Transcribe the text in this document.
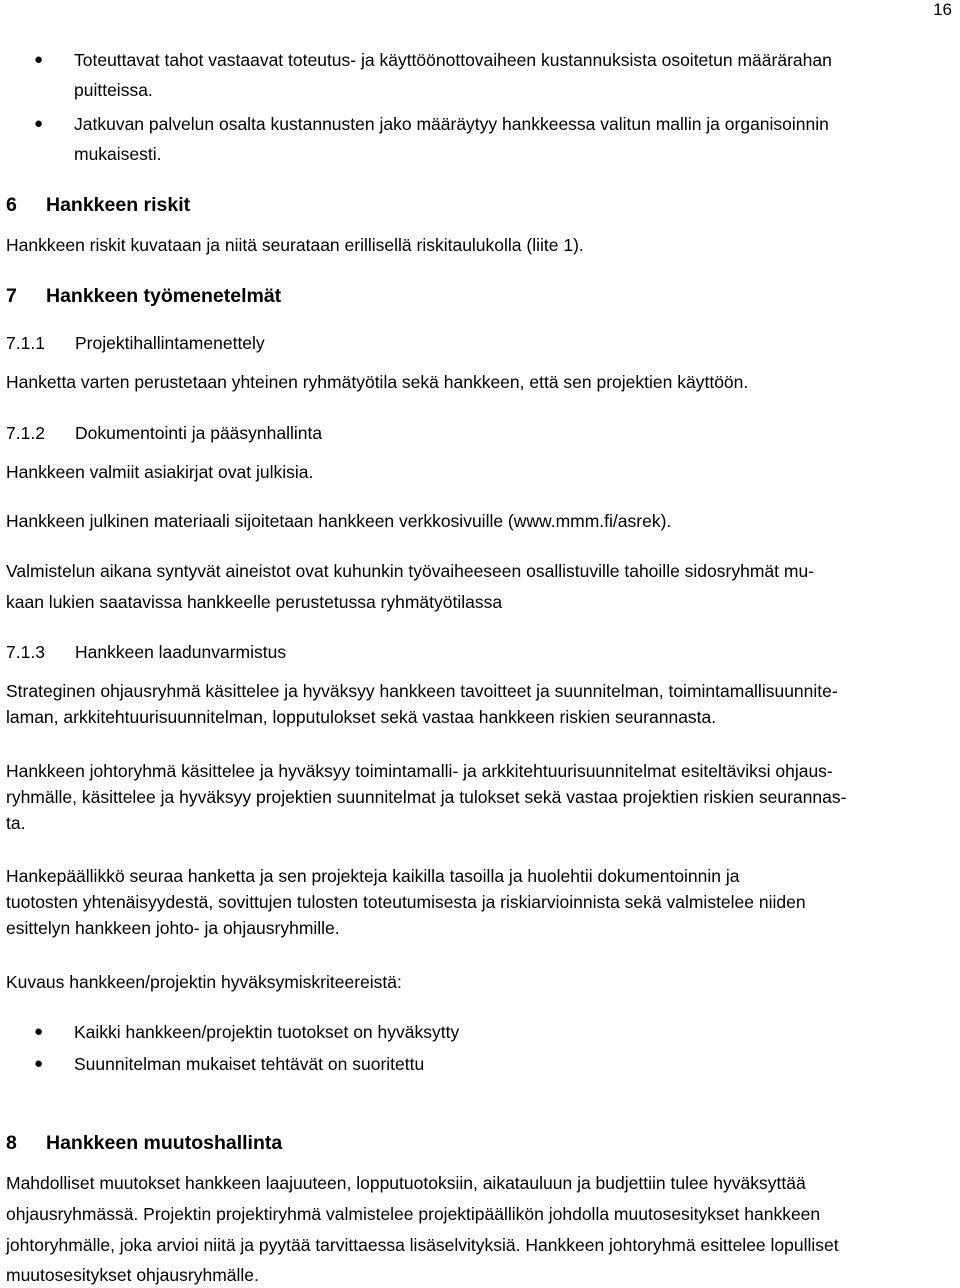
16
● Toteuttavat tahot vastaavat toteutus- ja käyttöönottovaiheen kustannuksista osoitetun määrärahan
puitteissa.
● Jatkuvan palvelun osalta kustannusten jako määräytyy hankkeessa valitun mallin ja organisoinnin
mukaisesti.
6 Hankkeen riskit
Hankkeen riskit kuvataan ja niitä seurataan erillisellä riskitaulukolla (liite 1).
7 Hankkeen työmenetelmät
7.1.1 Projektihallintamenettely
Hanketta varten perustetaan yhteinen ryhmätyötila sekä hankkeen, että sen projektien käyttöön.
7.1.2 Dokumentointi ja pääsynhallinta
Hankkeen valmiit asiakirjat ovat julkisia.
Hankkeen julkinen materiaali sijoitetaan hankkeen verkkosivuille (www.mmm.fi/asrek).
Valmistelun aikana syntyvät aineistot ovat kuhunkin työvaiheeseen osallistuville tahoille sidosryhmät mu-
kaan lukien saatavissa hankkeelle perustetussa ryhmätyötilassa
7.1.3 Hankkeen laadunvarmistus
Strateginen ohjausryhmä käsittelee ja hyväksyy hankkeen tavoitteet ja suunnitelman, toimintamallisuunnite-
laman, arkkitehtuurisuunnitelman, lopputulokset sekä vastaa hankkeen riskien seurannasta.
Hankkeen johtoryhmä käsittelee ja hyväksyy toimintamalli- ja arkkitehtuurisuunnitelmat esiteltäviksi ohjaus-
ryhmälle, käsittelee ja hyväksyy projektien suunnitelmat ja tulokset sekä vastaa projektien riskien seurannas-
ta.
Hankepäällikkö seuraa hanketta ja sen projekteja kaikilla tasoilla ja huolehtii dokumentoinnin ja
tuotosten yhtenäisyydestä, sovittujen tulosten toteutumisesta ja riskiarvioinnista sekä valmistelee niiden
esittelyn hankkeen johto- ja ohjausryhmille.
Kuvaus hankkeen/projektin hyväksymiskriteereistä:
● Kaikki hankkeen/projektin tuotokset on hyväksytty
● Suunnitelman mukaiset tehtävät on suoritettu
8 Hankkeen muutoshallinta
Mahdolliset muutokset hankkeen laajuuteen, lopputuotoksiin, aikatauluun ja budjettiin tulee hyväksyttää
ohjausryhmässä. Projektin projektiryhmä valmistelee projektipäällikön johdolla muutosesitykset hankkeen
johtoryhmälle, joka arvioi niitä ja pyytää tarvittaessa lisäselvityksiä. Hankkeen johtoryhmä esittelee lopulliset
muutosesitykset ohjausryhmälle.
